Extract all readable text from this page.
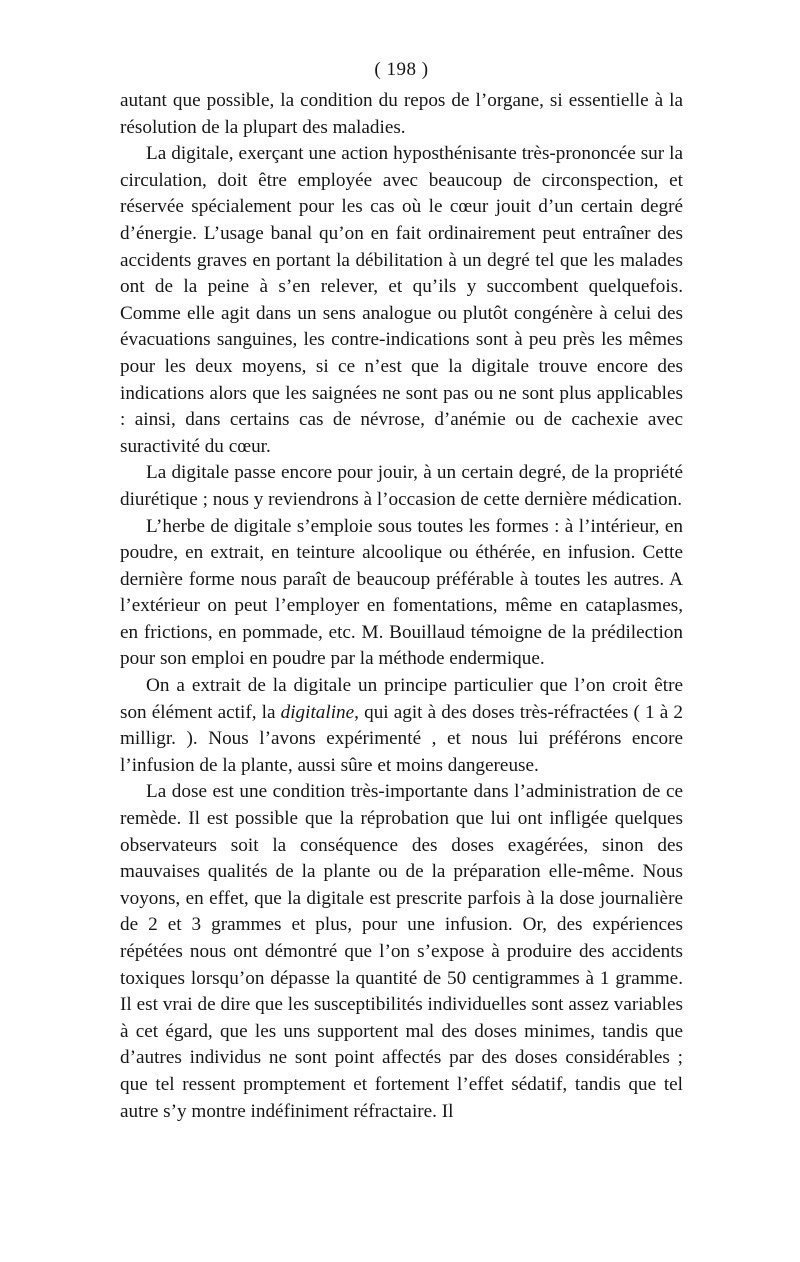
( 198 )

autant que possible, la condition du repos de l’organe, si essentielle à la résolution de la plupart des maladies.

La digitale, exerçant une action hyposthénisante très-prononcée sur la circulation, doit être employée avec beaucoup de circonspection, et réservée spécialement pour les cas où le cœur jouit d’un certain degré d’énergie. L’usage banal qu’on en fait ordinairement peut entraîner des accidents graves en portant la débilitation à un degré tel que les malades ont de la peine à s’en relever, et qu’ils y succombent quelquefois. Comme elle agit dans un sens analogue ou plutôt congénère à celui des évacuations sanguines, les contre-indications sont à peu près les mêmes pour les deux moyens, si ce n’est que la digitale trouve encore des indications alors que les saignées ne sont pas ou ne sont plus applicables : ainsi, dans certains cas de névrose, d’anémie ou de cachexie avec suractivité du cœur.

La digitale passe encore pour jouir, à un certain degré, de la propriété diurétique ; nous y reviendrons à l’occasion de cette dernière médication.

L’herbe de digitale s’emploie sous toutes les formes : à l’intérieur, en poudre, en extrait, en teinture alcoolique ou éthérée, en infusion. Cette dernière forme nous paraît de beaucoup préférable à toutes les autres. A l’extérieur on peut l’employer en fomentations, même en cataplasmes, en frictions, en pommade, etc. M. Bouillaud témoigne de la prédilection pour son emploi en poudre par la méthode endermique.

On a extrait de la digitale un principe particulier que l’on croit être son élément actif, la digitaline, qui agit à des doses très-réfractées ( 1 à 2 milligr. ). Nous l’avons expérimenté , et nous lui préférons encore l’infusion de la plante, aussi sûre et moins dangereuse.

La dose est une condition très-importante dans l’administration de ce remède. Il est possible que la réprobation que lui ont infligée quelques observateurs soit la conséquence des doses exagérées, sinon des mauvaises qualités de la plante ou de la préparation elle-même. Nous voyons, en effet, que la digitale est prescrite parfois à la dose journalière de 2 et 3 grammes et plus, pour une infusion. Or, des expériences répétées nous ont démontré que l’on s’expose à produire des accidents toxiques lorsqu’on dépasse la quantité de 50 centigrammes à 1 gramme. Il est vrai de dire que les susceptibilités individuelles sont assez variables à cet égard, que les uns supportent mal des doses minimes, tandis que d’autres individus ne sont point affectés par des doses considérables ; que tel ressent promptement et fortement l’effet sédatif, tandis que tel autre s’y montre indéfiniment réfractaire. Il
